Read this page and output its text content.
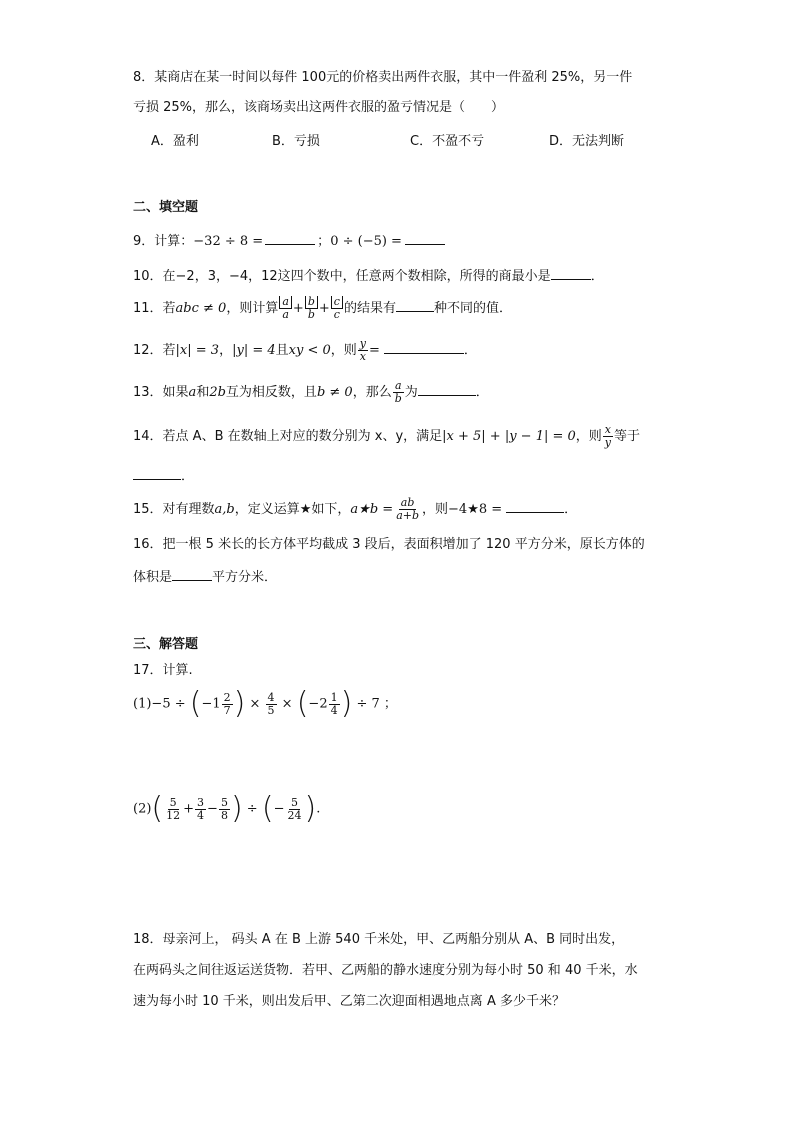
8．某商店在某一时间以每件 100元的价格卖出两件衣服，其中一件盈利 25%，另一件
亏损 25%，那么，该商场卖出这两件衣服的盈亏情况是（　　）
A．盈利	B．亏损	C．不盈不亏	D．无法判断
二、填空题
9．计算：−32 ÷ 8 =	；0 ÷ (−5) =
10．在−2，3，−4，12这四个数中，任意两个数相除，所得的商最小是	．
11．若abc ≠ 0，则计算 $\frac{a}{a} + \frac{b}{b} + \frac{c}{c}$ 的结果有	种不同的值．
12．若|x| = 3，|y| = 4且xy < 0，则 $\frac{y}{x}$ =	．
13．如果a和2b互为相反数，且b ≠ 0，那么 $\frac{a}{b}$ 为	．
14．若点 A、B 在数轴上对应的数分别为 x、y，满足|x + 5| + |y − 1| = 0，则 $\frac{x}{y}$ 等于
．
15．对有理数a,b，定义运算★如下，a★b = $\frac{ab}{a+b}$ ，则−4★8 =	．
16．把一根 5 米长的长方体平均截成 3 段后，表面积增加了 120 平方分米，原长方体的
体积是	平方分米．
三、解答题
17．计算.
$(1)-5 \div (-1 \frac{2}{7}$ ) × $\frac{4}{5} \times (-2 \frac{1}{4}$ ) ÷ 7 ；
$(2)( \frac{5}{12} + \frac{3}{4} - \frac{5}{8}$ ) ÷ (− $\frac{5}{24}$ ).
18．母亲河上， 码头 A 在 B 上游 540 千米处，甲、乙两船分别从 A、B 同时出发，
在两码头之间往返运送货物．若甲、乙两船的静水速度分别为每小时 50 和 40 千米，水
速为每小时 10 千米，则出发后甲、乙第二次迎面相遇地点离 A 多少千米？
